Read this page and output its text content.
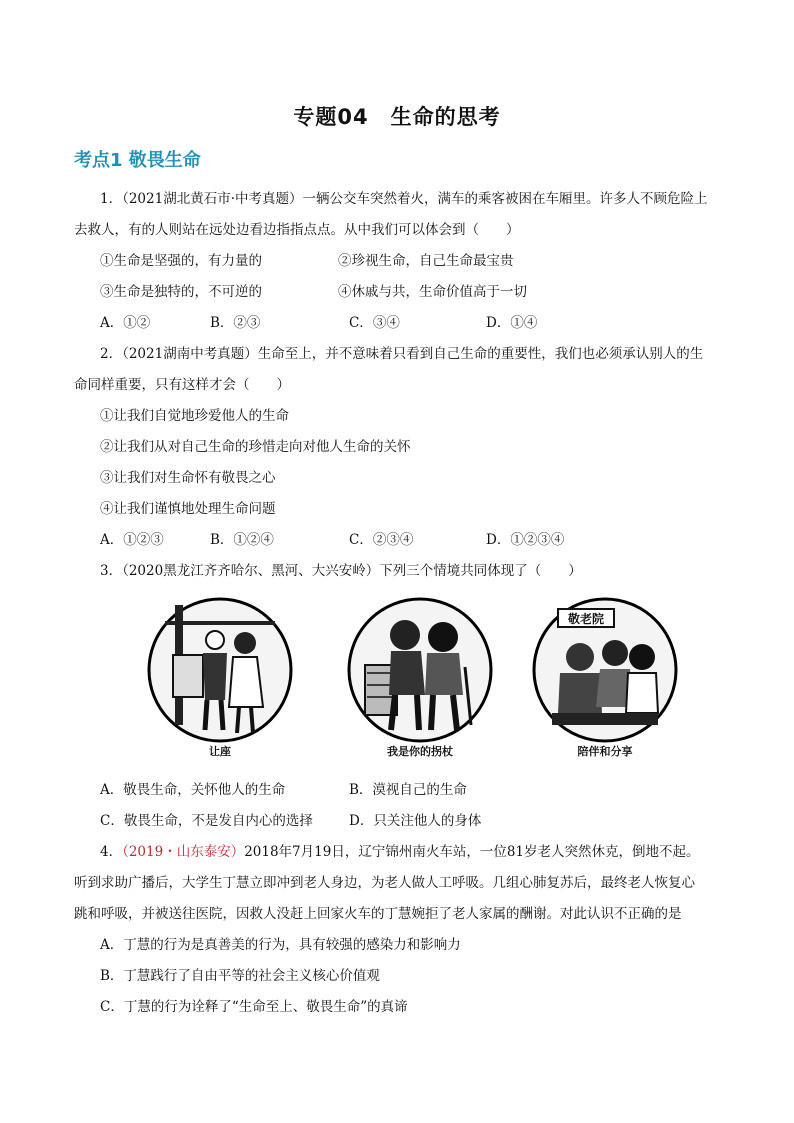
专题04　生命的思考
考点1 敬畏生命
1．（2021湖北黄石市·中考真题）一辆公交车突然着火，满车的乘客被困在车厢里。许多人不顾危险上
去救人，有的人则站在远处边看边指指点点。从中我们可以体会到（　　）
①生命是坚强的，有力量的	②珍视生命，自己生命最宝贵
③生命是独特的，不可逆的	④休戚与共，生命价值高于一切
A．①②	B．②③	C．③④	D．①④
2．（2021湖南中考真题）生命至上，并不意味着只看到自己生命的重要性，我们也必须承认别人的生
命同样重要，只有这样才会（　　）
①让我们自觉地珍爱他人的生命
②让我们从对自己生命的珍惜走向对他人生命的关怀
③让我们对生命怀有敬畏之心
④让我们谨慎地处理生命问题
A．①②③	B．①②④	C．②③④	D．①②③④
3．（2020黑龙江齐齐哈尔、黑河、大兴安岭）下列三个情境共同体现了（　　）
让座	我是你的拐杖
敬老院
陪伴和分享
A．敬畏生命，关怀他人的生命	B．漠视自己的生命
C．敬畏生命，不是发自内心的选择	D．只关注他人的身体
4．（2019・山东泰安）2018年7月19日，辽宁锦州南火车站，一位81岁老人突然休克，倒地不起。
听到求助广播后，大学生丁慧立即冲到老人身边，为老人做人工呼吸。几组心肺复苏后，最终老人恢复心
跳和呼吸，并被送往医院，因救人没赶上回家火车的丁慧婉拒了老人家属的酬谢。对此认识不正确的是
A．丁慧的行为是真善美的行为，具有较强的感染力和影响力
B．丁慧践行了自由平等的社会主义核心价值观
C．丁慧的行为诠释了“生命至上、敬畏生命”的真谛
